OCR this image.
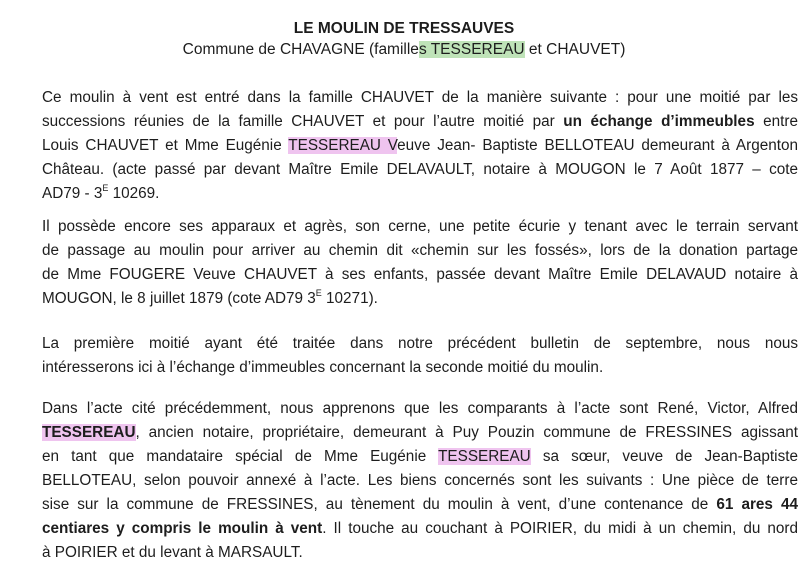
LE MOULIN DE TRESSAUVES
Commune de CHAVAGNE (familles TESSEREAU et CHAUVET)
Ce moulin à vent est entré dans la famille CHAUVET de la manière suivante : pour une moitié par les
successions réunies de la famille CHAUVET et pour l’autre moitié par un échange d’immeubles entre
Louis CHAUVET et Mme Eugénie TESSEREAU Veuve Jean- Baptiste BELLOTEAU demeurant à Argenton
Château. (acte passé par devant Maître Emile DELAVAULT, notaire à MOUGON le 7 Août 1877 – cote
$AD79 - 3^E$ 10269.
Il possède encore ses apparaux et agrès, son cerne, une petite écurie y tenant avec le terrain servant
de passage au moulin pour arriver au chemin dit «chemin sur les fossés», lors de la donation partage
de Mme FOUGERE Veuve CHAUVET à ses enfants, passée devant Maître Emile DELAVAUD notaire à
MOUGON, le 8 juillet 1879 (cote AD79 $3^E$ 10271).
La première moitié ayant été traitée dans notre précédent bulletin de septembre, nous nous
intéresserons ici à l’échange d’immeubles concernant la seconde moitié du moulin.
Dans l’acte cité précédemment, nous apprenons que les comparants à l’acte sont René, Victor, Alfred
TESSEREAU, ancien notaire, propriétaire, demeurant à Puy Pouzin commune de FRESSINES agissant
en tant que mandataire spécial de Mme Eugénie TESSEREAU sa sœur, veuve de Jean-Baptiste
BELLOTEAU, selon pouvoir annexé à l’acte. Les biens concernés sont les suivants : Une pièce de terre
sise sur la commune de FRESSINES, au tènement du moulin à vent, d’une contenance de 61 ares 44
centiares y compris le moulin à vent. Il touche au couchant à POIRIER, du midi à un chemin, du nord
à POIRIER et du levant à MARSAULT.
